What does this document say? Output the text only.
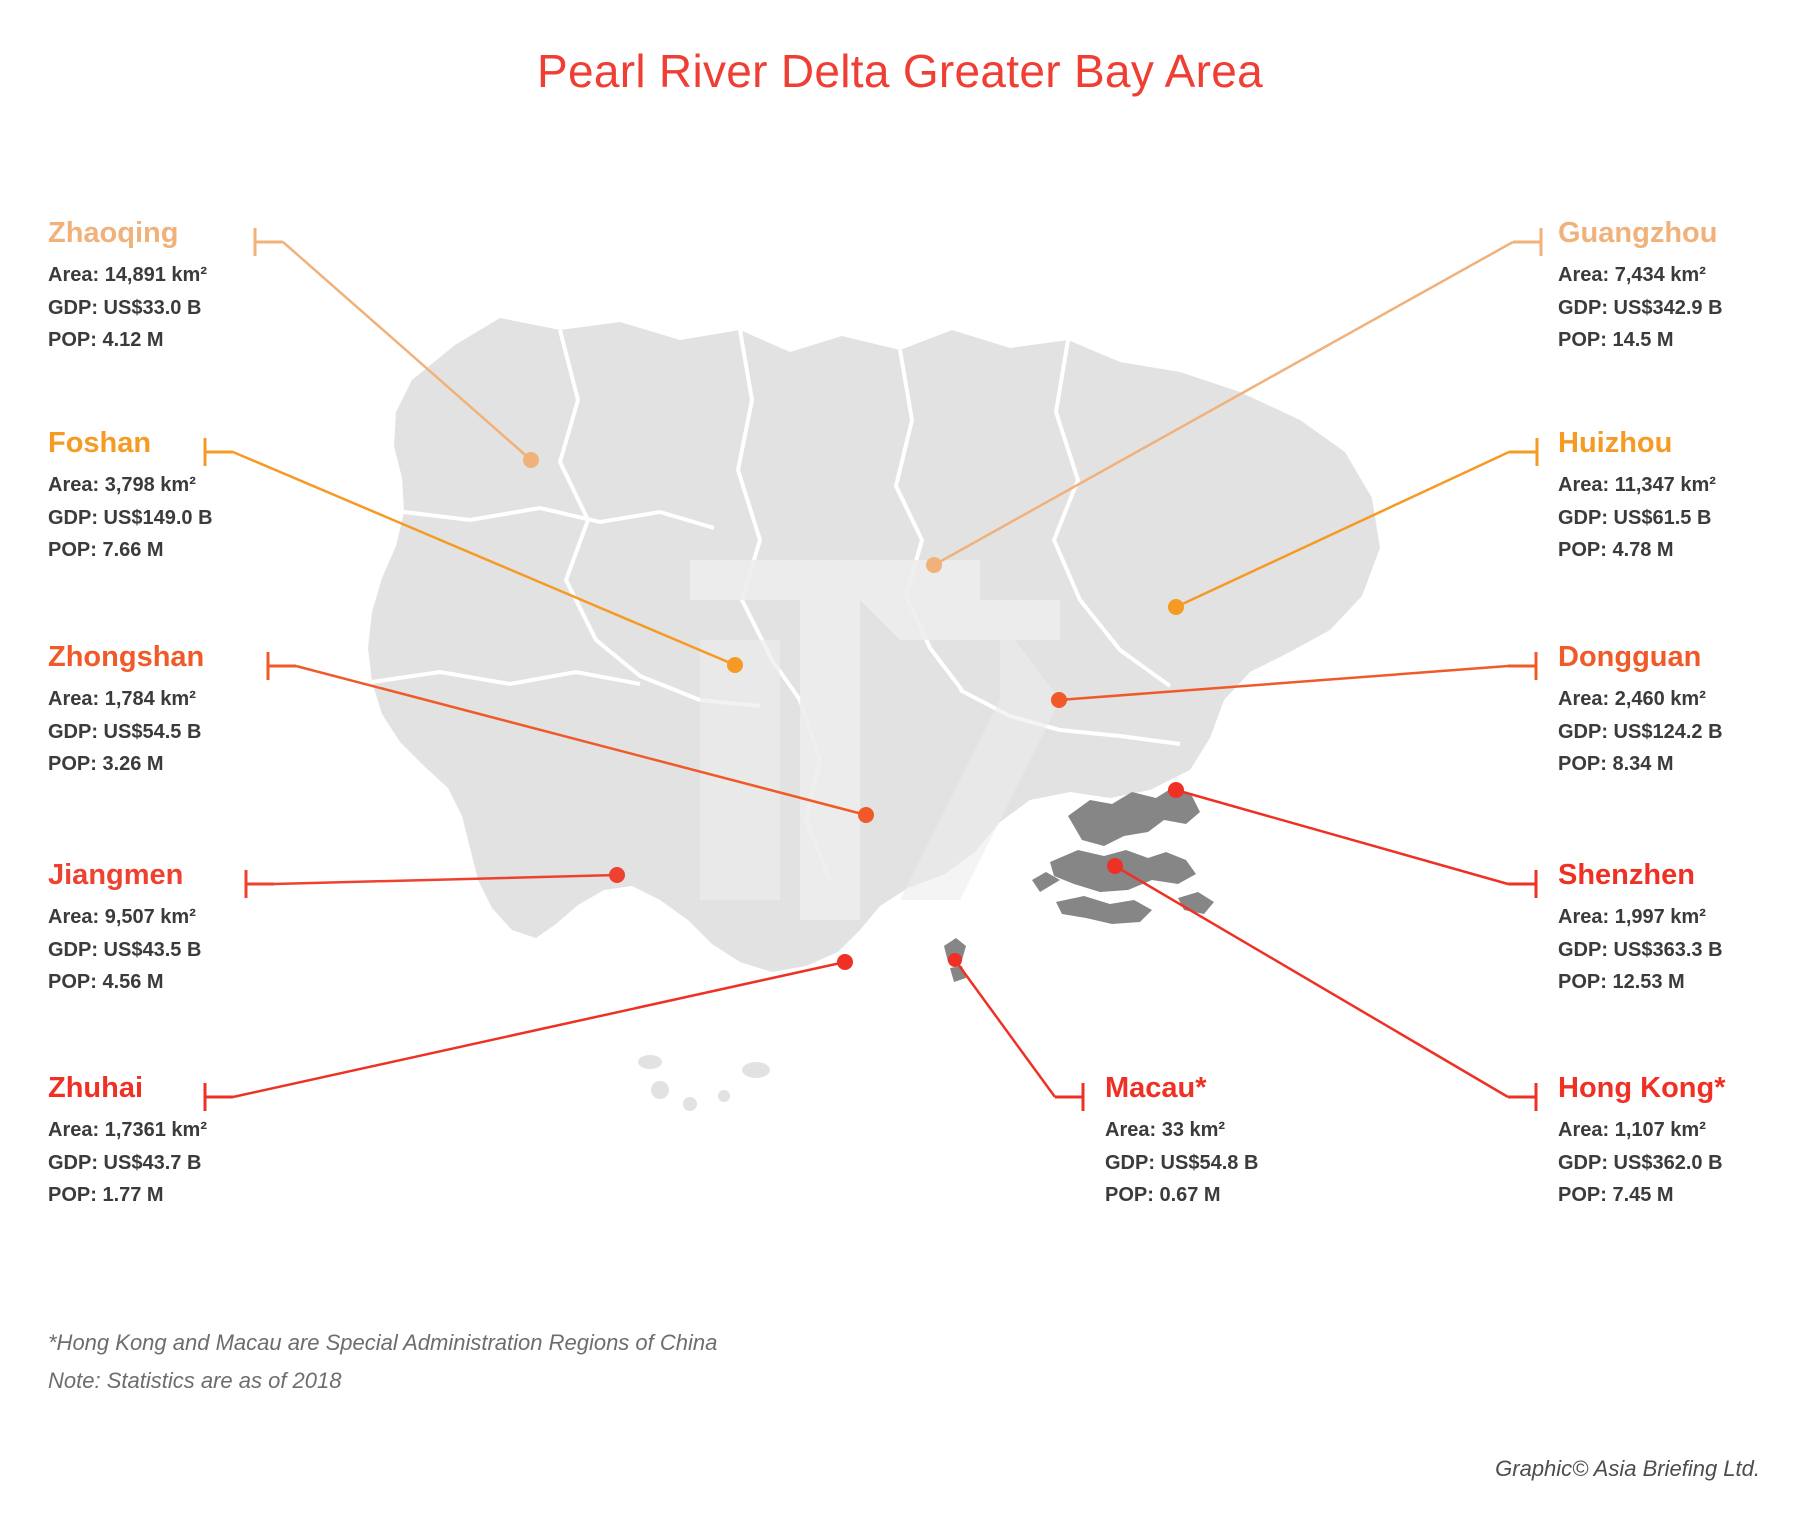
Pearl River Delta Greater Bay Area
Zhaoqing
Area: 14,891 km²
GDP: US$33.0 B
POP: 4.12 M
Foshan
Area: 3,798 km²
GDP: US$149.0 B
POP: 7.66 M
Zhongshan
Area: 1,784 km²
GDP: US$54.5 B
POP: 3.26 M
Jiangmen
Area: 9,507 km²
GDP: US$43.5 B
POP: 4.56 M
Zhuhai
Area: 1,7361 km²
GDP: US$43.7 B
POP: 1.77 M
Guangzhou
Area: 7,434 km²
GDP: US$342.9 B
POP: 14.5 M
Huizhou
Area: 11,347 km²
GDP: US$61.5 B
POP: 4.78 M
Dongguan
Area: 2,460 km²
GDP: US$124.2 B
POP: 8.34 M
Shenzhen
Area: 1,997 km²
GDP: US$363.3 B
POP: 12.53 M
Hong Kong*
Area: 1,107 km²
GDP: US$362.0 B
POP: 7.45 M
Macau*
Area: 33 km²
GDP: US$54.8 B
POP: 0.67 M
*Hong Kong and Macau are Special Administration Regions of China
Note: Statistics are as of 2018
Graphic© Asia Briefing Ltd.
